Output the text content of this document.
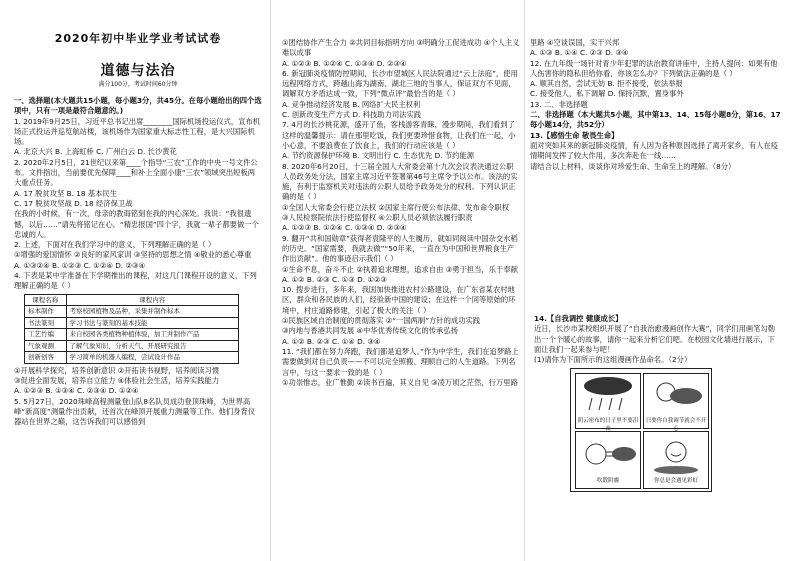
2020年初中毕业学业考试试卷
道德与法治
满分100分，考试时间60分钟

一、选择题(本大题共15小题，每小题3分，共45分。在每小题给出的四个选项中，只有一项是最符合题意的。)

1. 2019年9月25日，习近平总书记出席________国际机场投运仪式，宣布机场正式投运并巡览航站楼，该机场作为国家重大标志性工程，是大兴国际机场。

A. 北京大兴 B. 上海虹桥 C. 广州白云 D. 长沙黄花

2. 2020年2月5日，21世纪以来第____个指导“三农”工作的中央一号文件公布。文件指出，当前要优先保障____和补上全面小康“三农”领域突出短板两大重点任务。

A. 17 脱贫攻坚 B. 18 基本民生

C. 17 脱贫攻坚战 D. 18 经济保卫战

在我的小时候，有一次，母亲的教诲铭刻在我的内心深处。我说：“我很遗憾，以后……”请先将铭记在心。“精忠报国”四个字，我就一辈子都要做一个忠诚的人。

2. 上述，下面对在我们学习中的意义，下列理解正确的是（ ）

①增强的爱国情怀 ②良好的家风家训 ③坚持的思想之情 ④敬业的悉心尊重

A. ①③②④ B. ①②③ C. ①②④ D. ②③④

4. 下表是某中学准备在下学期推出的课程，对这几门课程开设的意义，下列理解正确的是（ ）

课程名称	课程内容
标本制作	考察校园植物及品种，采集并制作标本
书法篆刻	学习书法与篆刻的基本技能
工艺竹编	来自校园各类植物种植体验，加工并制作产品
气象观测	了解气象知识，分析天气、开展研究报告
创新创客	学习简单的机器人编程，尝试设计作品

①开展科学探究，培养创新意识 ②开拓读书视野，培养阅读习惯

③促进全面发展，培养自立能力 ④体验社会生活，培养实践能力

A. ①②③ B. ①③④ C. ②③④ D. ①②④

5. 5月27日，2020珠峰高程测量登山队8名队员成功登顶珠峰，为世界高峰“新高度”测量作出贡献，还首次在峰顶开展重力测量等工作。他们身背仪器站在世界之巅，这告诉我们可以感悟到

①团结协作产生合力 ②共同目标指明方向 ③明确分工促进成功 ④个人主义难以成事

A. ①②③ B. ①②④ C. ①③④ D. ②③④

6. 新冠肺炎疫情防控期间，长沙市望城区人民法院通过“云上法庭”，使用远程网络方式，跨越山海为湖南、湖北三地的当事人，保证双方不见面，调解双方矛盾达成一致，下列“微点评”最恰当的是（ ）

A. 竞争推动经济发展 B. 网络扩大民主权利

C. 创新改变生产方式 D. 科技助力司法实践

7. 4月的长沙桃花源，盛开了鱼，客栈游客青睐，漫步期间，我们看到了这样的温馨提示：请在那里吃饭，我们更要珍惜食物，让我们在一起，小小心意，不要浪费在了饮食上，我们的行动应该是（ ）

A. 节约资源保护环境 B. 文明出行 C. 生态优先 D. 节约能源

8. 2020年6月20日，十三届全国人大常委会第十九次会议表决通过公职人员政务处分法，国家主席习近平签署第46号主席令予以公布。该法的实施，有利于监察机关对违法的公职人员给予政务处分的权利。下列认识正确的是（ ）

①全国人大常委会行使立法权 ②国家主席行使公布法律、发布命令职权

③人民检察院依法行使监督权 ④公职人员必须依法履行职责

A. ①②③ B. ①②④ C. ①③④ D. ②③④

9. 翻开“共和国勋章”获得者袁隆平的人生履历，就如同阅读中国杂交水稻的历史。“国家需要，我就去做”“50年来，一直在为中国和世界粮食生产作出贡献”。他的事迹启示我们（ ）

①生命不息，奋斗不止 ②执着追求理想，追求自由 ③勇于担当，乐于奉献

A. ①② B. ②③ C. ①③ D. ①②③

10. 搜步进行，多年来，我国加快推进农村公路建设，在广东省某农村地区，群众和各民族的人们，经验新中国的建设；在这样一个同等原始的环境中，村庄道路修建，引起了极大的关注（ ）

①民族区域自治制度的贯彻落实 ②“一国两制”方针的成功实践

③内地与香港共同发展 ④中华优秀传统文化的传承弘扬

A. ①② B. ②③ C. ①④ D. ③④

11. “我们都在努力奔跑，我们都是追梦人。”作为中学生，我们在追梦路上需要做到对自己负责——不可以完全照搬、理顺自己的人生道路。下列名言中，与这一要求一致的是（ ）

①功崇惟志，业广惟勤 ②读书百遍，其义自见 ③凌万顷之茫然，行万里路

里路 ④空谈误国，实干兴邦

A. ①③ B. ①④ C. ②③ D. ③④

12. 在九年级一场针对青少年犯罪的法治教育讲座中，主持人提问：如果有他人伤害你的隐私但给你看，你该怎么办？下列做法正确的是（ ）

A. 顺其自然，尝试无妨 B. 拒不接受，依法举报

C. 接受他人，私下调解 D. 保持沉默，置身事外

13. 二、非选择题

二、非选择题（本大题共5小题，其中第13、14、15每小题8分，第16、17每小题14分，共52分）

13.【感悟生命 敬畏生命】

面对突如其来的新冠肺炎疫情，有人因为各种原因选择了离开家乡，有人在疫情期间发挥了较大作用，多次奔赴在一线……

请结合以上材料，谈谈你对珍爱生命、生命至上的理解。（8分）

14.【自我调控 健康成长】

近日，长沙市某校组织开展了“自我治愈漫画创作大赛”，同学们用画笔勾勒出一个个暖心的故事，请你一起来分析它们吧。在校园文化墙进行展示，下面让我们一起来参与吧！

(1)请你为下面所示的这组漫画作品命名。（2分）

阴云密布的日子里不要沮丧
只要你自我调节就会不开心
吹散阴霾	你总是会遇见彩虹
